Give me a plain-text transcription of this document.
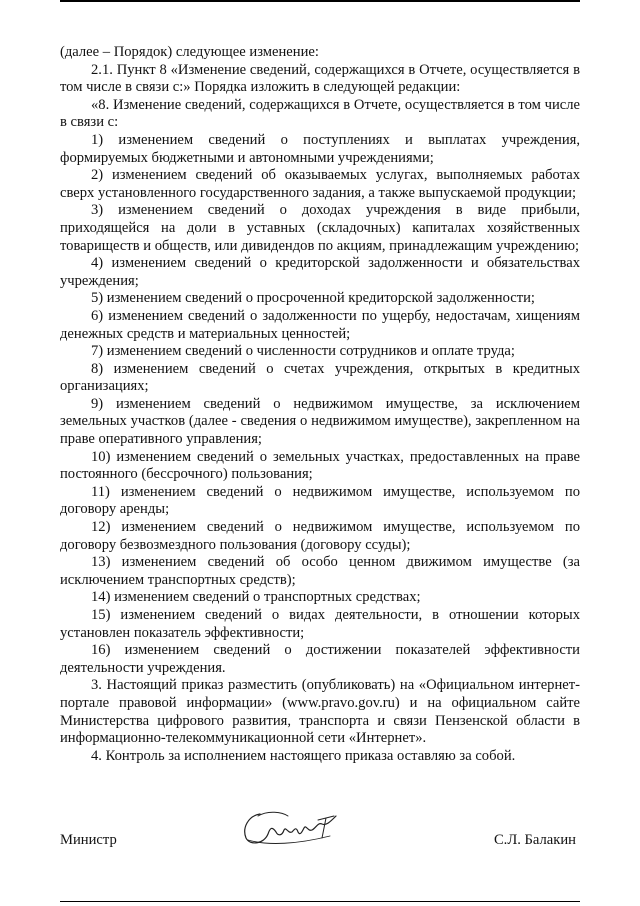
(далее – Порядок) следующее изменение:

2.1. Пункт 8 «Изменение сведений, содержащихся в Отчете, осуществляется в том числе в связи с:» Порядка изложить в следующей редакции:

«8. Изменение сведений, содержащихся в Отчете, осуществляется в том числе в связи с:

1) изменением сведений о поступлениях и выплатах учреждения, формируемых бюджетными и автономными учреждениями;

2) изменением сведений об оказываемых услугах, выполняемых работах сверх установленного государственного задания, а также выпускаемой продукции;

3) изменением сведений о доходах учреждения в виде прибыли, приходящейся на доли в уставных (складочных) капиталах хозяйственных товариществ и обществ, или дивидендов по акциям, принадлежащим учреждению;

4) изменением сведений о кредиторской задолженности и обязательствах учреждения;

5) изменением сведений о просроченной кредиторской задолженности;

6) изменением сведений о задолженности по ущербу, недостачам, хищениям денежных средств и материальных ценностей;

7) изменением сведений о численности сотрудников и оплате труда;

8) изменением сведений о счетах учреждения, открытых в кредитных организациях;

9) изменением сведений о недвижимом имуществе, за исключением земельных участков (далее - сведения о недвижимом имуществе), закрепленном на праве оперативного управления;

10) изменением сведений о земельных участках, предоставленных на праве постоянного (бессрочного) пользования;

11) изменением сведений о недвижимом имуществе, используемом по договору аренды;

12) изменением сведений о недвижимом имуществе, используемом по договору безвозмездного пользования (договору ссуды);

13) изменением сведений об особо ценном движимом имуществе (за исключением транспортных средств);

14) изменением сведений о транспортных средствах;

15) изменением сведений о видах деятельности, в отношении которых установлен показатель эффективности;

16) изменением сведений о достижении показателей эффективности деятельности учреждения.

3. Настоящий приказ разместить (опубликовать) на «Официальном интернет-портале правовой информации» (www.pravo.gov.ru) и на официальном сайте Министерства цифрового развития, транспорта и связи Пензенской области в информационно-телекоммуникационной сети «Интернет».

4. Контроль за исполнением настоящего приказа оставляю за собой.

Министр	С.Л. Балакин
